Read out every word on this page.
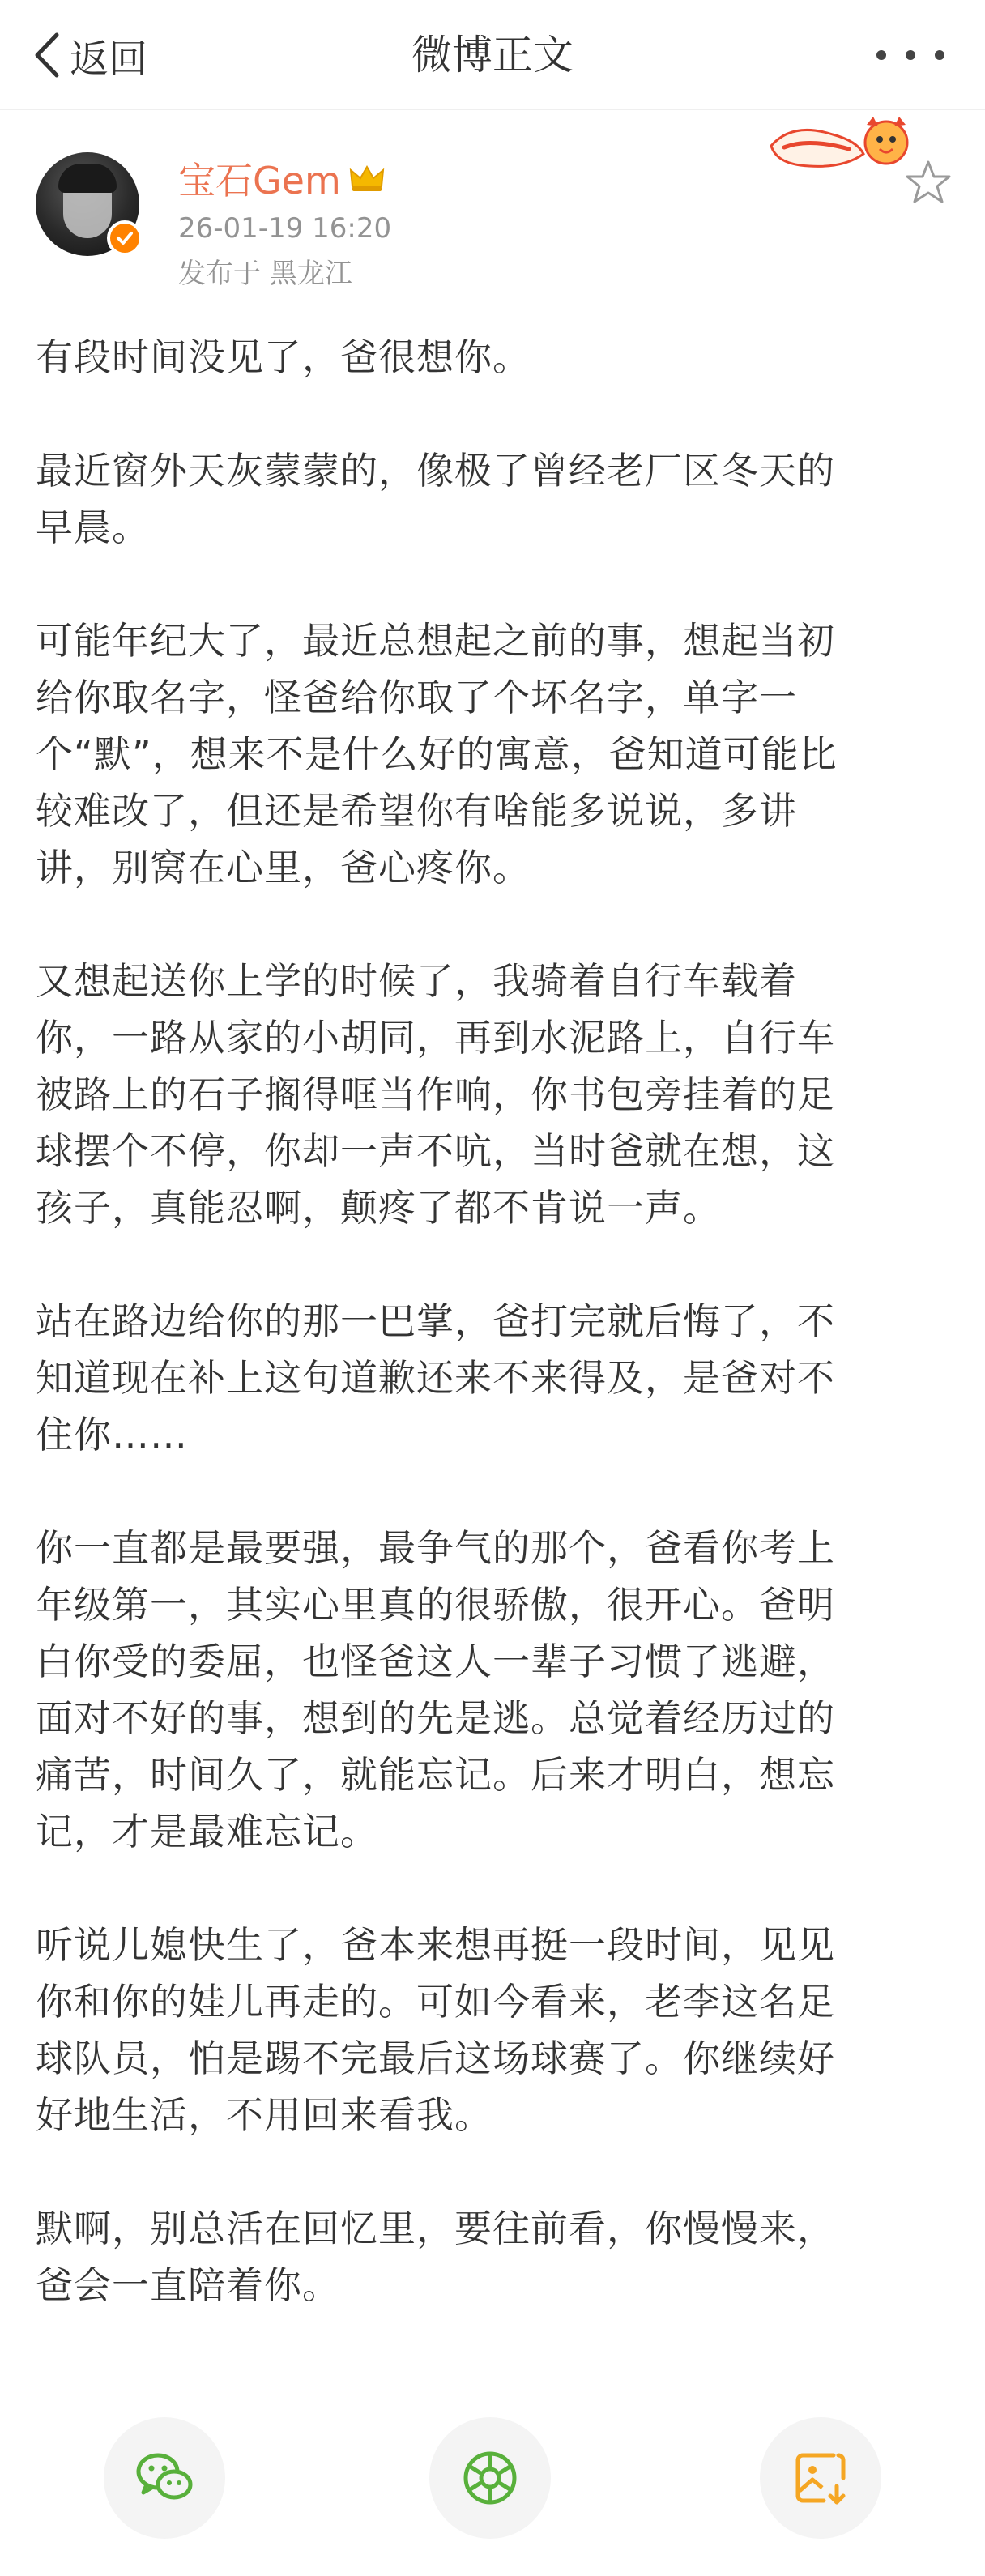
返回	微博正文
宝石Gem
26-01-19 16:20
发布于 黑龙江

有段时间没见了，爸很想你。

最近窗外天灰蒙蒙的，像极了曾经老厂区冬天的
早晨。

可能年纪大了，最近总想起之前的事，想起当初
给你取名字，怪爸给你取了个坏名字，单字一
个“默”，想来不是什么好的寓意，爸知道可能比
较难改了，但还是希望你有啥能多说说，多讲
讲，别窝在心里，爸心疼你。

又想起送你上学的时候了，我骑着自行车载着
你，一路从家的小胡同，再到水泥路上，自行车
被路上的石子搁得哐当作响，你书包旁挂着的足
球摆个不停，你却一声不吭，当时爸就在想，这
孩子，真能忍啊，颠疼了都不肯说一声。

站在路边给你的那一巴掌，爸打完就后悔了，不
知道现在补上这句道歉还来不来得及，是爸对不
住你……

你一直都是最要强，最争气的那个，爸看你考上
年级第一，其实心里真的很骄傲，很开心。爸明
白你受的委屈，也怪爸这人一辈子习惯了逃避，
面对不好的事，想到的先是逃。总觉着经历过的
痛苦，时间久了，就能忘记。后来才明白，想忘
记，才是最难忘记。

听说儿媳快生了，爸本来想再挺一段时间，见见
你和你的娃儿再走的。可如今看来，老李这名足
球队员，怕是踢不完最后这场球赛了。你继续好
好地生活，不用回来看我。

默啊，别总活在回忆里，要往前看，你慢慢来，
爸会一直陪着你。
